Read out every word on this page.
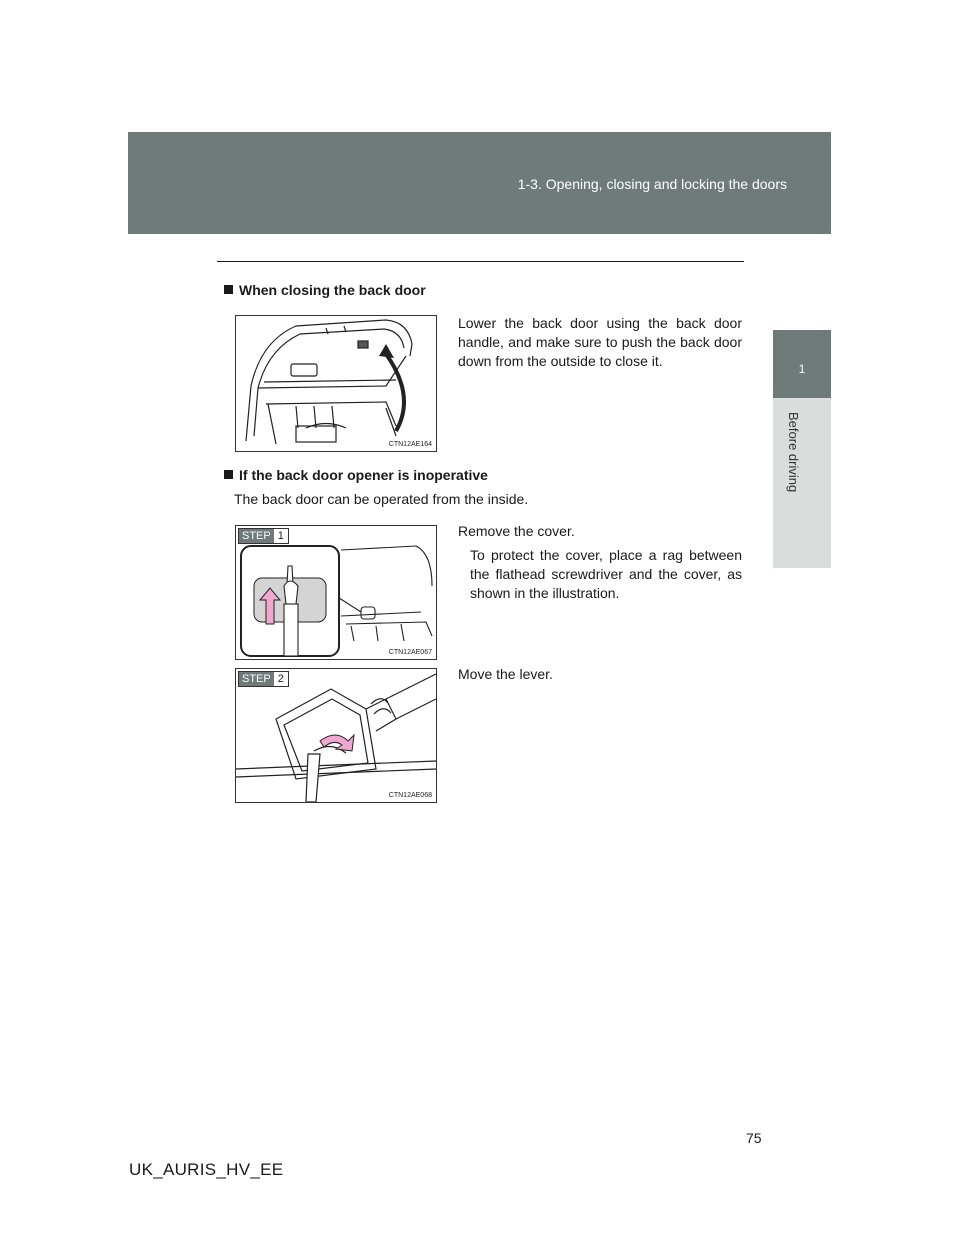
1-3. Opening, closing and locking the doors
1
Before driving
When closing the back door
CTN12AE164
Lower the back door using the back door handle, and make sure to push the back door down from the outside to close it.
If the back door opener is inoperative
The back door can be operated from the inside.
STEP 1
CTN12AE067
Remove the cover.
To protect the cover, place a rag between the flathead screwdriver and the cover, as shown in the illustration.
STEP 2
CTN12AE068
Move the lever.
75
UK_AURIS_HV_EE
